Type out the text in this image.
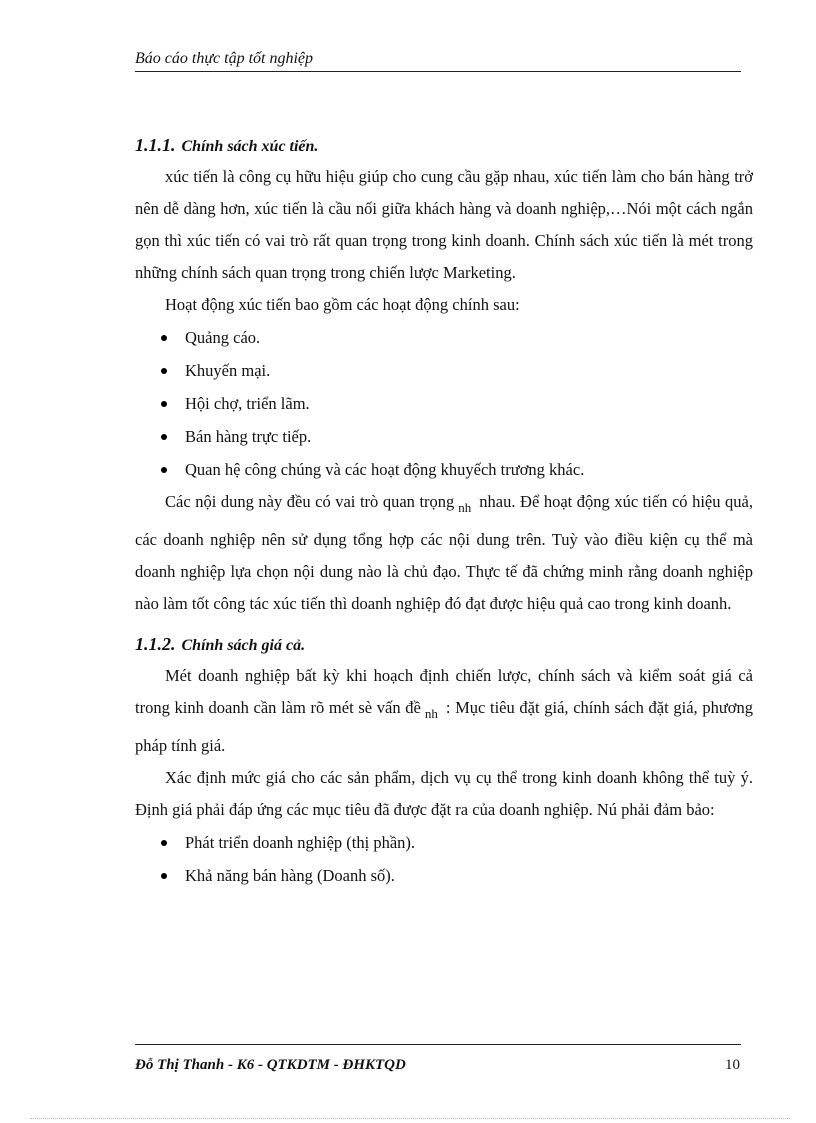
Báo cáo thực tập tốt nghiệp
1.1.1. Chính sách xúc tiến.

xúc tiến là công cụ hữu hiệu giúp cho cung cầu gặp nhau, xúc tiến làm cho bán hàng trở nên dễ dàng hơn, xúc tiến là cầu nối giữa khách hàng và doanh nghiệp,…Nói một cách ngắn gọn thì xúc tiến có vai trò rất quan trọng trong kinh doanh. Chính sách xúc tiến là mét trong những chính sách quan trọng trong chiến lược Marketing.

Hoạt động xúc tiến bao gồm các hoạt động chính sau:

Quảng cáo.
Khuyến mại.
Hội chợ, triển lãm.
Bán hàng trực tiếp.
Quan hệ công chúng và các hoạt động khuyếch trương khác.

Các nội dung này đều có vai trò quan trọng $_{nh}$ nhau. Để hoạt động xúc tiến có hiệu quả, các doanh nghiệp nên sử dụng tổng hợp các nội dung trên. Tuỳ vào điều kiện cụ thể mà doanh nghiệp lựa chọn nội dung nào là chủ đạo. Thực tế đã chứng minh rằng doanh nghiệp nào làm tốt công tác xúc tiến thì doanh nghiệp đó đạt được hiệu quả cao trong kinh doanh.

1.1.2. Chính sách giá cả.

Mét doanh nghiệp bất kỳ khi hoạch định chiến lược, chính sách và kiểm soát giá cả trong kinh doanh cần làm rõ mét sè vấn đề $_{nh}$ : Mục tiêu đặt giá, chính sách đặt giá, phương pháp tính giá.

Xác định mức giá cho các sản phẩm, dịch vụ cụ thể trong kinh doanh không thể tuỳ ý. Định giá phải đáp ứng các mục tiêu đã được đặt ra của doanh nghiệp. Nú phải đảm bảo:

Phát triển doanh nghiệp (thị phần).
Khả năng bán hàng (Doanh số).
Đỗ Thị Thanh - K6 - QTKDTM - ĐHKTQD	10
